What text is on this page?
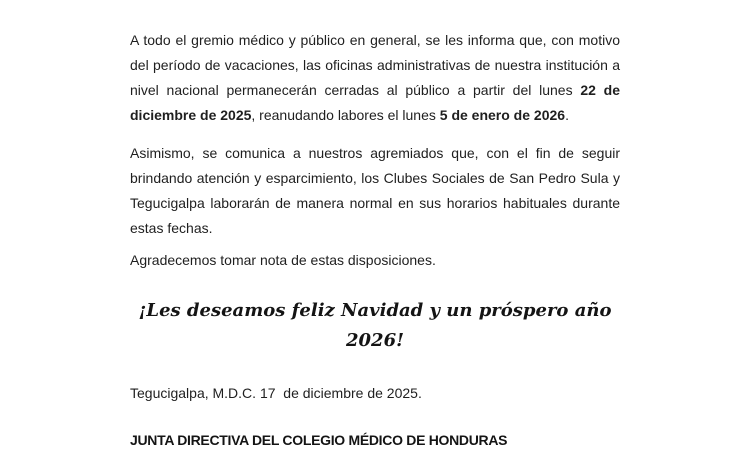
A todo el gremio médico y público en general, se les informa que, con motivo
del período de vacaciones, las oficinas administrativas de nuestra institución a
nivel nacional permanecerán cerradas al público a partir del lunes 22 de
diciembre de 2025, reanudando labores el lunes 5 de enero de 2026.
Asimismo, se comunica a nuestros agremiados que, con el fin de seguir
brindando atención y esparcimiento, los Clubes Sociales de San Pedro Sula y
Tegucigalpa laborarán de manera normal en sus horarios habituales durante
estas fechas.
Agradecemos tomar nota de estas disposiciones.
¡Les deseamos feliz Navidad y un próspero año 2026!
Tegucigalpa, M.D.C. 17  de diciembre de 2025.
JUNTA DIRECTIVA DEL COLEGIO MÉDICO DE HONDURAS
